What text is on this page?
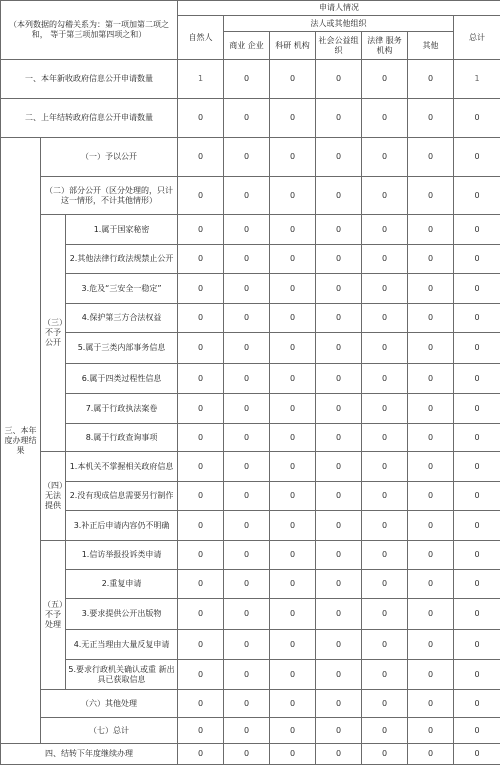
（本列数据的勾稽关系为：第一项加第二项之和， 等于第三项加第四项之和）			申请人情况						
			自然人	法人或其他组织					总计
				商业 企业	科研 机构	社会公益组织	法律 服务机构	其他	
一、本年新收政府信息公开申请数量			1	0	0	0	0	0	1
二、上年结转政府信息公开申请数量			0	0	0	0	0	0	0
三、本年度办理结果	（一）予以公开		0	0	0	0	0	0	0
	（二）部分公开（区分处理的，只计这一情形，不计其他情形）		0	0	0	0	0	0	0
	（三）不予公开	1.属于国家秘密	0	0	0	0	0	0	0
		2.其他法律行政法规禁止公开	0	0	0	0	0	0	0
		3.危及“三安全一稳定”	0	0	0	0	0	0	0
		4.保护第三方合法权益	0	0	0	0	0	0	0
		5.属于三类内部事务信息	0	0	0	0	0	0	0
		6.属于四类过程性信息	0	0	0	0	0	0	0
		7.属于行政执法案卷	0	0	0	0	0	0	0
		8.属于行政查询事项	0	0	0	0	0	0	0
	（四）无法提供	1.本机关不掌握相关政府信息	0	0	0	0	0	0	0
		2.没有现成信息需要另行制作	0	0	0	0	0	0	0
		3.补正后申请内容仍不明确	0	0	0	0	0	0	0
	（五）不予处理	1.信访举报投诉类申请	0	0	0	0	0	0	0
		2.重复申请	0	0	0	0	0	0	0
		3.要求提供公开出版物	0	0	0	0	0	0	0
		4.无正当理由大量反复申请	0	0	0	0	0	0	0
		5.要求行政机关确认或重 新出具已获取信息	0	0	0	0	0	0	0
	（六）其他处理		0	0	0	0	0	0	0
	（七）总计		0	0	0	0	0	0	0
四、结转下年度继续办理			0	0	0	0	0	0	0
